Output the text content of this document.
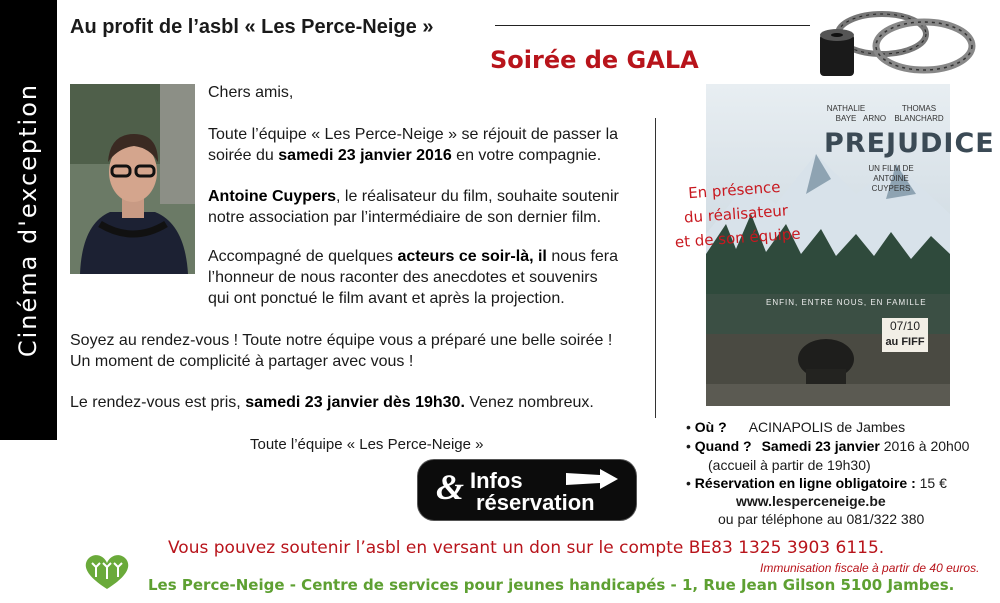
Cinéma d'exception
Au profit de l’asbl « Les Perce-Neige »
Soirée de GALA
Chers amis,
Toute l’équipe « Les Perce-Neige » se réjouit de passer la
soirée du samedi 23 janvier 2016 en votre compagnie.
Antoine Cuypers, le réalisateur du film, souhaite soutenir
notre association par l’intermédiaire de son dernier film.
Accompagné de quelques acteurs ce soir-là, il nous fera
l’honneur de nous raconter des anecdotes et souvenirs
qui ont ponctué le film avant et après la projection.
Soyez au rendez-vous ! Toute notre équipe vous a préparé une belle soirée !
Un moment de complicité à partager avec vous !
Le rendez-vous est pris, samedi 23 janvier dès 19h30. Venez nombreux.
Toute l’équipe « Les Perce-Neige »
NATHALIE
BAYE ARNO
THOMAS
BLANCHARD
PREJUDICE
UN FILM DE
ANTOINE CUYPERS
ENFIN, ENTRE NOUS, EN FAMILLE
07/10
au FIFF
En présence
du réalisateur
et de son équipe
& Infos
réservation
• Où ? ACINAPOLIS de Jambes
• Quand ? Samedi 23 janvier 2016 à 20h00
(accueil à partir de 19h30)
• Réservation en ligne obligatoire : 15 €
www.lesperceneige.be
ou par téléphone au 081/322 380
Vous pouvez soutenir l’asbl en versant un don sur le compte BE83 1325 3903 6115.
Immunisation fiscale à partir de 40 euros.
Les Perce-Neige - Centre de services pour jeunes handicapés - 1, Rue Jean Gilson 5100 Jambes.
